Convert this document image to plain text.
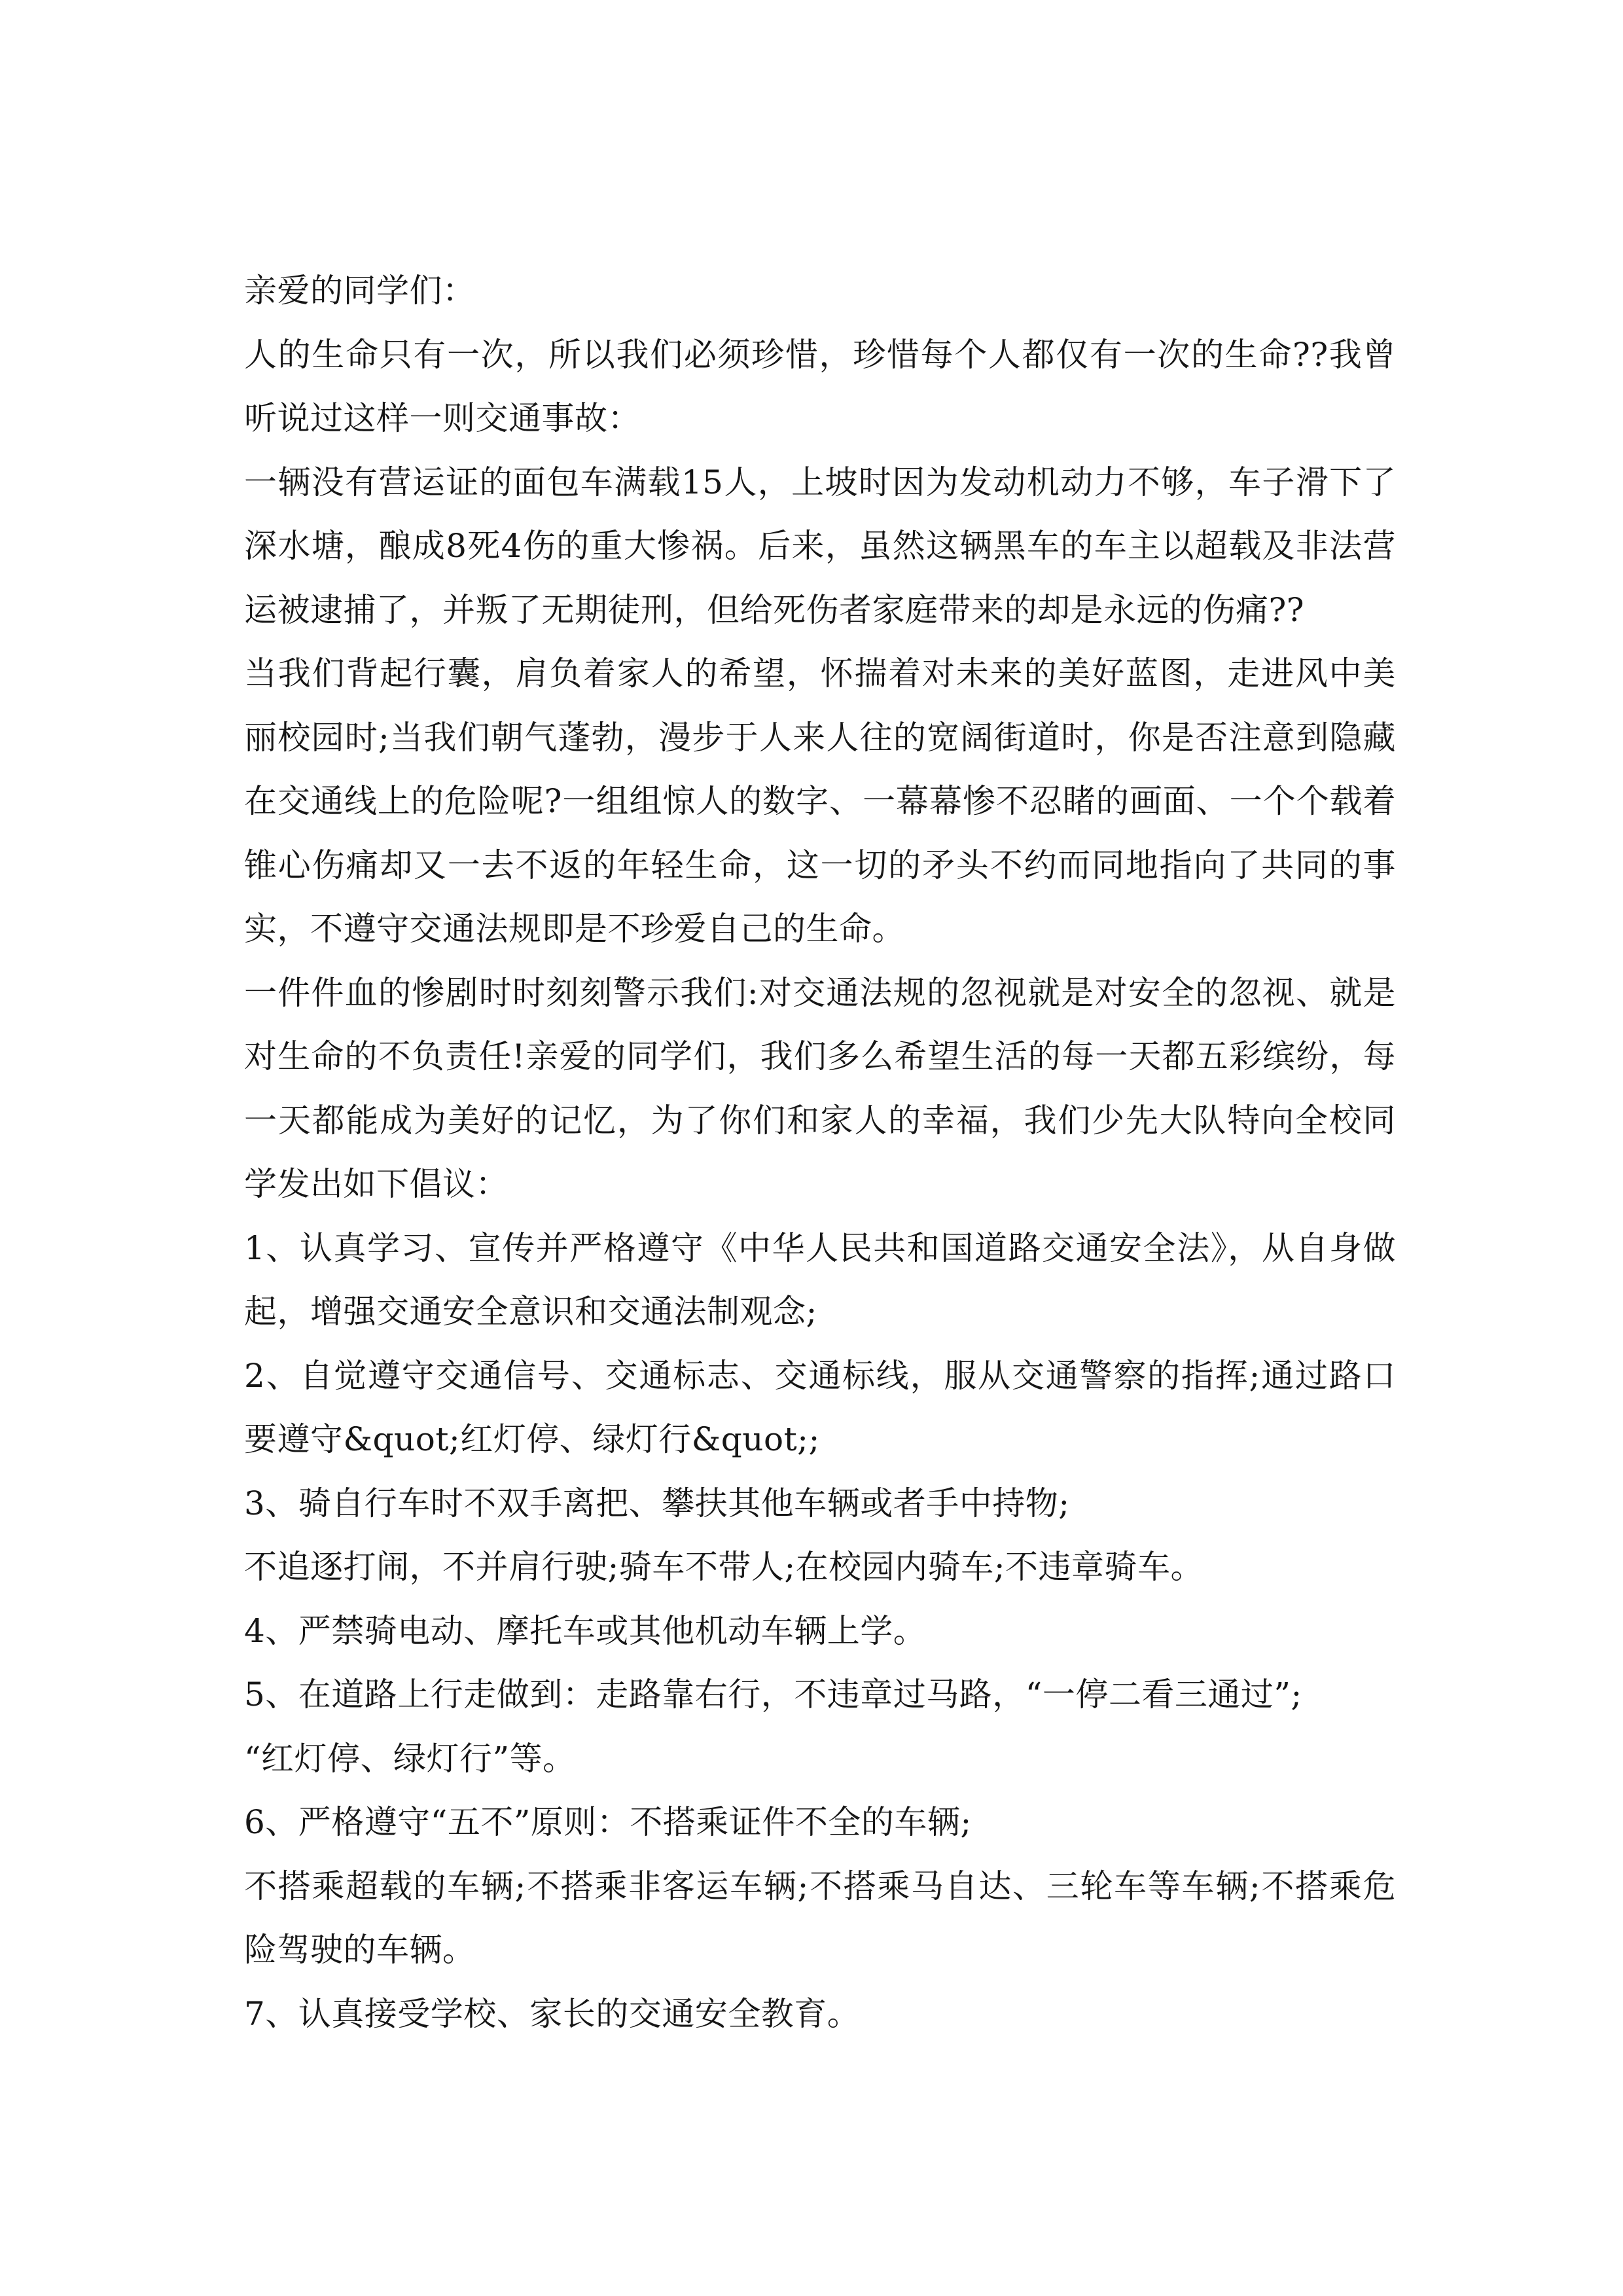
亲爱的同学们：

人的生命只有一次，所以我们必须珍惜，珍惜每个人都仅有一次的生命??我曾听说过这样一则交通事故：

一辆没有营运证的面包车满载15人，上坡时因为发动机动力不够，车子滑下了深水塘，酿成8死4伤的重大惨祸。后来，虽然这辆黑车的车主以超载及非法营运被逮捕了，并叛了无期徒刑，但给死伤者家庭带来的却是永远的伤痛??

当我们背起行囊，肩负着家人的希望，怀揣着对未来的美好蓝图，走进风中美丽校园时;当我们朝气蓬勃，漫步于人来人往的宽阔街道时，你是否注意到隐藏在交通线上的危险呢?一组组惊人的数字、一幕幕惨不忍睹的画面、一个个载着锥心伤痛却又一去不返的年轻生命，这一切的矛头不约而同地指向了共同的事实，不遵守交通法规即是不珍爱自己的生命。

一件件血的惨剧时时刻刻警示我们:对交通法规的忽视就是对安全的忽视、就是对生命的不负责任!亲爱的同学们，我们多么希望生活的每一天都五彩缤纷，每一天都能成为美好的记忆，为了你们和家人的幸福，我们少先大队特向全校同学发出如下倡议：

1、认真学习、宣传并严格遵守《中华人民共和国道路交通安全法》，从自身做起，增强交通安全意识和交通法制观念;

2、自觉遵守交通信号、交通标志、交通标线，服从交通警察的指挥;通过路口要遵守&quot;红灯停、绿灯行&quot;;

3、骑自行车时不双手离把、攀扶其他车辆或者手中持物;

不追逐打闹，不并肩行驶;骑车不带人;在校园内骑车;不违章骑车。

4、严禁骑电动、摩托车或其他机动车辆上学。

5、在道路上行走做到：走路靠右行，不违章过马路，“一停二看三通过”;

“红灯停、绿灯行”等。

6、严格遵守“五不”原则：不搭乘证件不全的车辆;

不搭乘超载的车辆;不搭乘非客运车辆;不搭乘马自达、三轮车等车辆;不搭乘危险驾驶的车辆。

7、认真接受学校、家长的交通安全教育。
